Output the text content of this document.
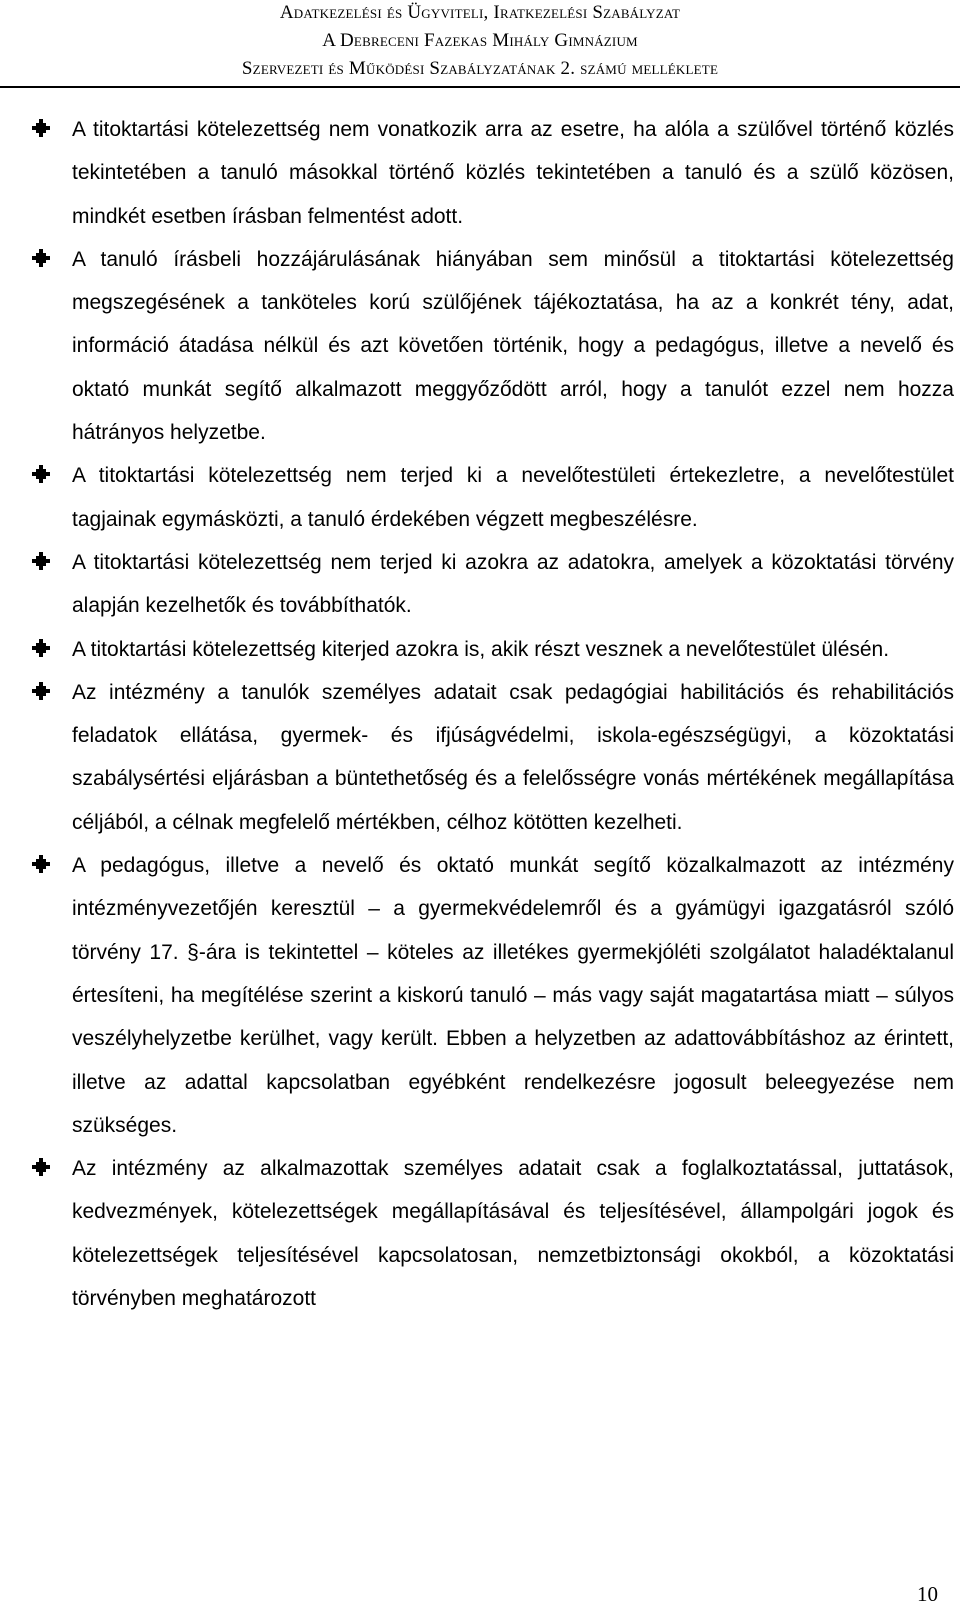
Adatkezelési és Ügyviteli, Iratkezelési Szabályzat
A Debreceni Fazekas Mihály Gimnázium
Szervezeti és Működési Szabályzatának 2. számú melléklete
A titoktartási kötelezettség nem vonatkozik arra az esetre, ha alóla a szülővel történő közlés tekintetében a tanuló másokkal történő közlés tekintetében a tanuló és a szülő közösen, mindkét esetben írásban felmentést adott.
A tanuló írásbeli hozzájárulásának hiányában sem minősül a titoktartási kötelezettség megszegésének a tanköteles korú szülőjének tájékoztatása, ha az a konkrét tény, adat, információ átadása nélkül és azt követően történik, hogy a pedagógus, illetve a nevelő és oktató munkát segítő alkalmazott meggyőződött arról, hogy a tanulót ezzel nem hozza hátrányos helyzetbe.
A titoktartási kötelezettség nem terjed ki a nevelőtestületi értekezletre, a nevelőtestület tagjainak egymásközti, a tanuló érdekében végzett megbeszélésre.
A titoktartási kötelezettség nem terjed ki azokra az adatokra, amelyek a közoktatási törvény alapján kezelhetők és továbbíthatók.
A titoktartási kötelezettség kiterjed azokra is, akik részt vesznek a nevelőtestület ülésén.
Az intézmény a tanulók személyes adatait csak pedagógiai habilitációs és rehabilitációs feladatok ellátása, gyermek- és ifjúságvédelmi, iskola-egészségügyi, a közoktatási szabálysértési eljárásban a büntethetőség és a felelősségre vonás mértékének megállapítása céljából, a célnak megfelelő mértékben, célhoz kötötten kezelheti.
A pedagógus, illetve a nevelő és oktató munkát segítő közalkalmazott az intézmény intézményvezetőjén keresztül – a gyermekvédelemről és a gyámügyi igazgatásról szóló törvény 17. §-ára is tekintettel – köteles az illetékes gyermekjóléti szolgálatot haladéktalanul értesíteni, ha megítélése szerint a kiskorú tanuló – más vagy saját magatartása miatt – súlyos veszélyhelyzetbe kerülhet, vagy került. Ebben a helyzetben az adattovábbításhoz az érintett, illetve az adattal kapcsolatban egyébként rendelkezésre jogosult beleegyezése nem szükséges.
Az intézmény az alkalmazottak személyes adatait csak a foglalkoztatással, juttatások, kedvezmények, kötelezettségek megállapításával és teljesítésével, állampolgári jogok és kötelezettségek teljesítésével kapcsolatosan, nemzetbiztonsági okokból, a közoktatási törvényben meghatározott
10
